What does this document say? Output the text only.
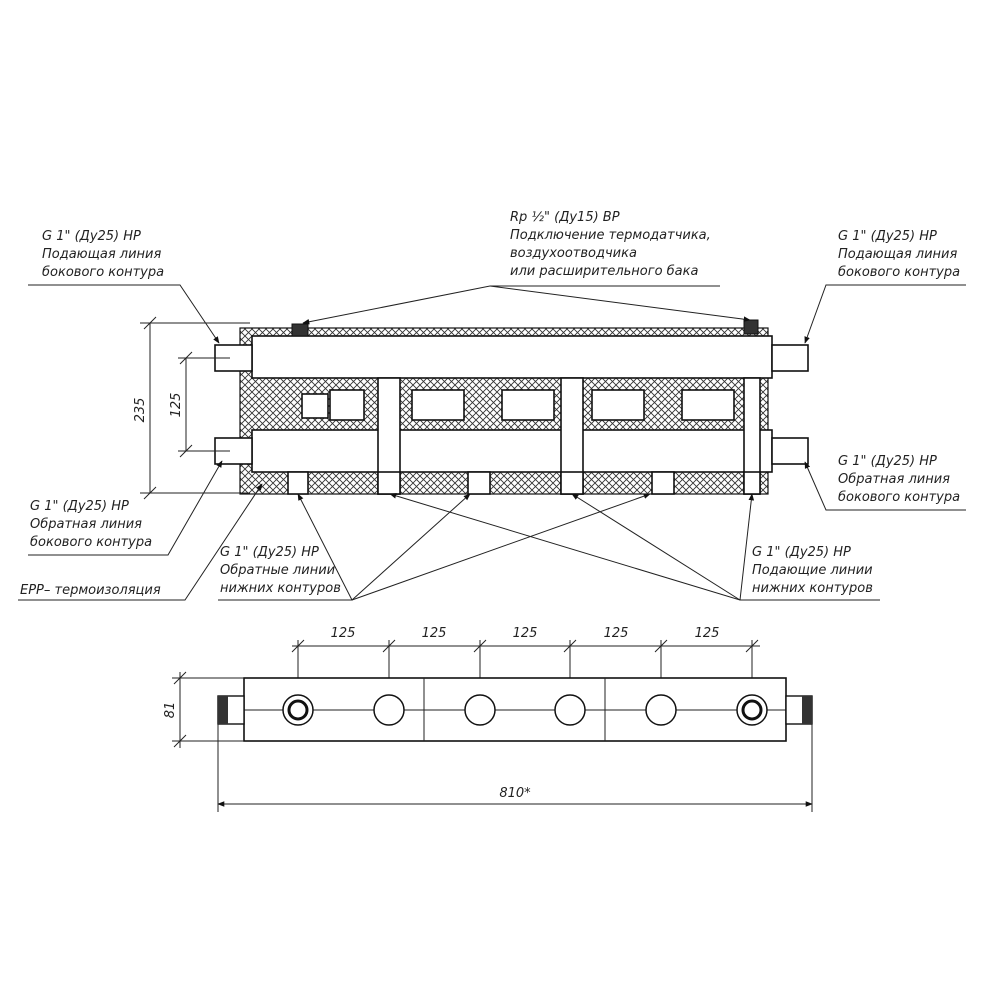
235 125
G 1" (Ду25) НР Подающая линия бокового контура
Rp ½" (Ду15) ВР Подключение термодатчика, воздухоотводчика или расширительного бака
G 1" (Ду25) НР Подающая линия бокового контура
G 1" (Ду25) НР Обратная линия бокового контура
G 1" (Ду25) НР Обратная линия бокового контура
G 1" (Ду25) НР Обратные линии нижних контуров
G 1" (Ду25) НР Подающие линии нижних контуров
EPP– термоизоляция
125	125	125	125	125
81
810*
